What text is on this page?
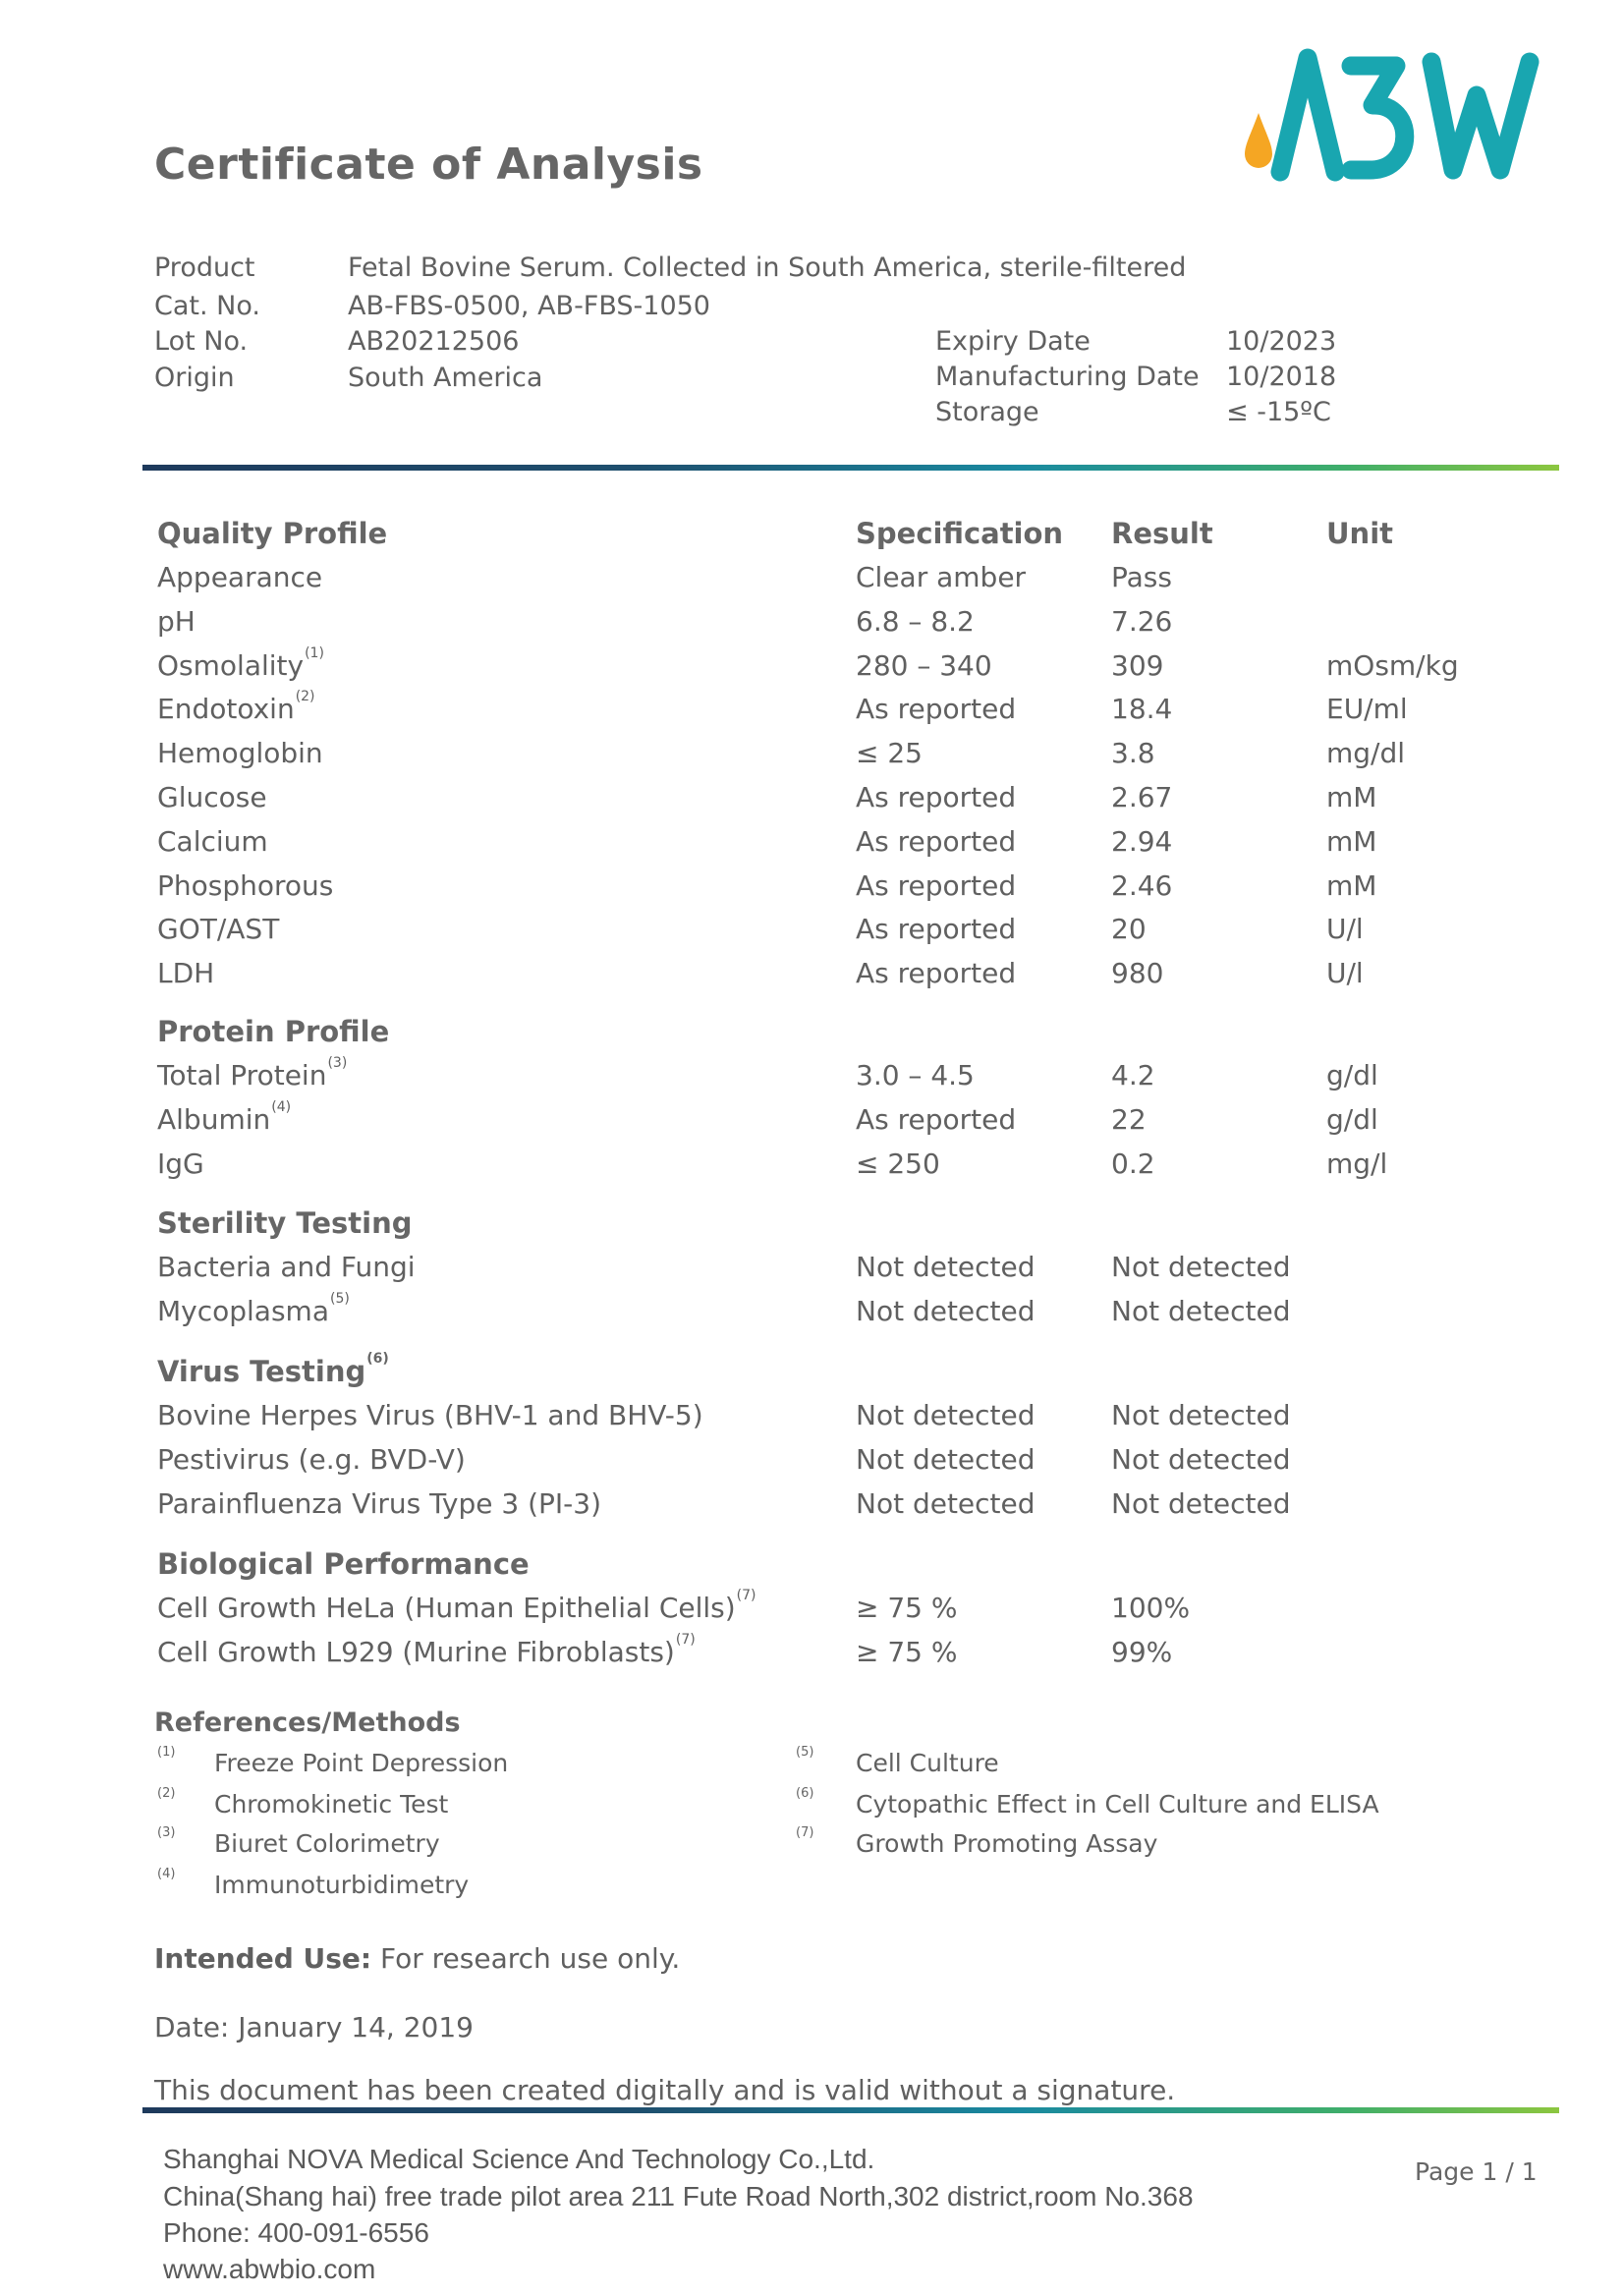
Certificate of Analysis
Product	Fetal Bovine Serum. Collected in South America, sterile-filtered
Cat. No.	AB-FBS-0500, AB-FBS-1050
Lot No.	AB20212506
Origin	South America
Expiry Date	10/2023
Manufacturing Date 10/2018
Storage	≤ -15ºC
Quality Profile	Specification Result	Unit
Appearance	Clear amber	Pass
pH	6.8 – 8.2	7.26
Osmolality$^{(1)}$	280 – 340	309	mOsm/kg
Endotoxin$^{(2)}$	As reported	18.4	EU/ml
Hemoglobin	≤ 25	3.8	mg/dl
Glucose	As reported	2.67	mM
Calcium	As reported	2.94	mM
Phosphorous	As reported	2.46	mM
GOT/AST	As reported	20	U/l
LDH	As reported	980	U/l
Protein Profile
Total Protein$^{(3)}$	3.0 – 4.5	4.2	g/dl
Albumin$^{(4)}$	As reported	22	g/dl
IgG	≤ 250	0.2	mg/l
Sterility Testing
Bacteria and Fungi	Not detected	Not detected
Mycoplasma$^{(5)}$	Not detected	Not detected
Virus Testing$^{(6)}$
Bovine Herpes Virus (BHV-1 and BHV-5)	Not detected	Not detected
Pestivirus (e.g. BVD-V)	Not detected	Not detected
Parainfluenza Virus Type 3 (PI-3)	Not detected	Not detected
Biological Performance
Cell Growth HeLa (Human Epithelial Cells)$^{(7)}$	≥ 75 %	100%
Cell Growth L929 (Murine Fibroblasts)$^{(7)}$	≥ 75 %	99%
References/Methods
(1) Freeze Point Depression
(2) Chromokinetic Test
(3) Biuret Colorimetry
(4) Immunoturbidimetry
(5) Cell Culture
(6) Cytopathic Effect in Cell Culture and ELISA
(7) Growth Promoting Assay
Intended Use: For research use only.
Date: January 14, 2019
This document has been created digitally and is valid without a signature.
Shanghai NOVA Medical Science And Technology Co.,Ltd.
China(Shang hai) free trade pilot area 211 Fute Road North,302 district,room No.368
Phone: 400-091-6556
www.abwbio.com
Page 1 / 1
